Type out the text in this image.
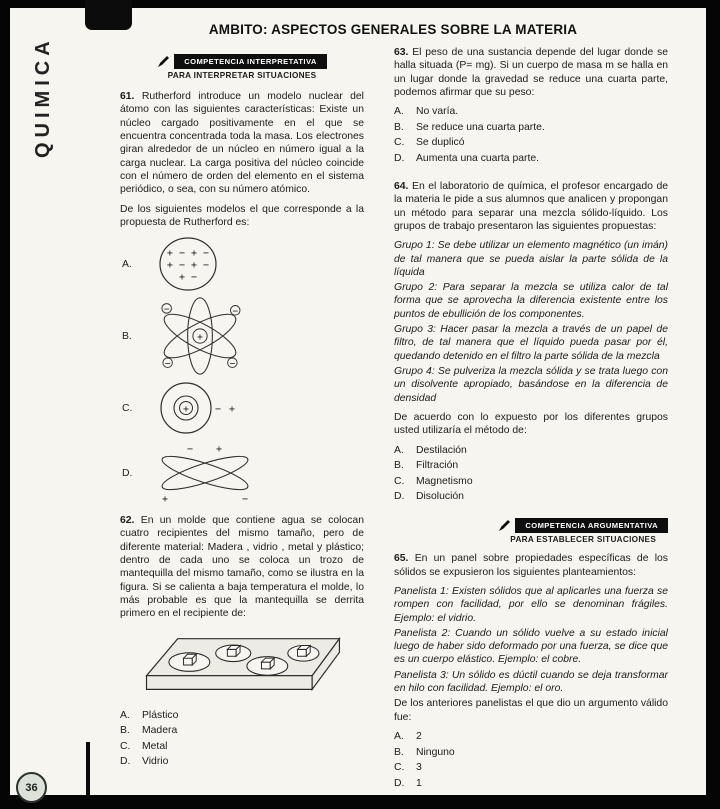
QUIMICA
AMBITO: ASPECTOS GENERALES SOBRE LA MATERIA
COMPETENCIA INTERPRETATIVA
PARA INTERPRETAR SITUACIONES

61. Rutherford introduce un modelo nuclear del átomo con las siguientes características: Existe un núcleo cargado positivamente en el que se encuentra concentrada toda la masa. Los electrones giran alrededor de un núcleo en número igual a la carga nuclear. La carga positiva del núcleo coincide con el número de orden del elemento en el sistema periódico, o sea, con su número atómico.

De los siguientes modelos el que corresponde a la propuesta de Rutherford es:

A.
+ − + −
+ − + −
+ −
B.	+
−	−
−	−
C.	+	− +
D.
− +
+	−

62. En un molde que contiene agua se colocan cuatro recipientes del mismo tamaño, pero de diferente material: Madera , vidrio , metal y plástico; dentro de cada uno se coloca un trozo de mantequilla del mismo tamaño, como se ilustra en la figura. Si se calienta a baja temperatura el molde, lo más probable es que la mantequilla se derrita primero en el recipiente de:

A.	Plástico
B.	Madera
C.	Metal
D.	Vidrio

63. El peso de una sustancia depende del lugar donde se halla situada (P= mg). Si un cuerpo de masa m se halla en un lugar donde la gravedad se reduce una cuarta parte, podemos afirmar que su peso:

A.	No varía.
B.	Se reduce una cuarta parte.
C.	Se duplicó
D.	Aumenta una cuarta parte.

64. En el laboratorio de química, el profesor encargado de la materia le pide a sus alumnos que analicen y propongan un método para separar una mezcla sólido-líquido. Los grupos de trabajo presentaron las siguientes propuestas:

Grupo 1: Se debe utilizar un elemento magnético (un imán) de tal manera que se pueda aislar la parte sólida de la líquida

Grupo 2: Para separar la mezcla se utiliza calor de tal forma que se aprovecha la diferencia existente entre los puntos de ebullición de los componentes.

Grupo 3: Hacer pasar la mezcla a través de un papel de filtro, de tal manera que el líquido pueda pasar por él, quedando detenido en el filtro la parte sólida de la mezcla

Grupo 4: Se pulveriza la mezcla sólida y se trata luego con un disolvente apropiado, basándose en la diferencia de densidad

De acuerdo con lo expuesto por los diferentes grupos usted utilizaría el método de:

A.	Destilación
B.	Filtración
C.	Magnetismo
D.	Disolución
COMPETENCIA ARGUMENTATIVA
PARA ESTABLECER SITUACIONES

65. En un panel sobre propiedades específicas de los sólidos se expusieron los siguientes planteamientos:

Panelista 1: Existen sólidos que al aplicarles una fuerza se rompen con facilidad, por ello se denominan frágiles. Ejemplo: el vidrio.

Panelista 2: Cuando un sólido vuelve a su estado inicial luego de haber sido deformado por una fuerza, se dice que es un cuerpo elástico. Ejemplo: el cobre.

Panelista 3: Un sólido es dúctil cuando se deja transformar en hilo con facilidad. Ejemplo: el oro.

De los anteriores panelistas el que dio un argumento válido fue:

A.	2
B.	Ninguno
C.	3
D.	1
36
